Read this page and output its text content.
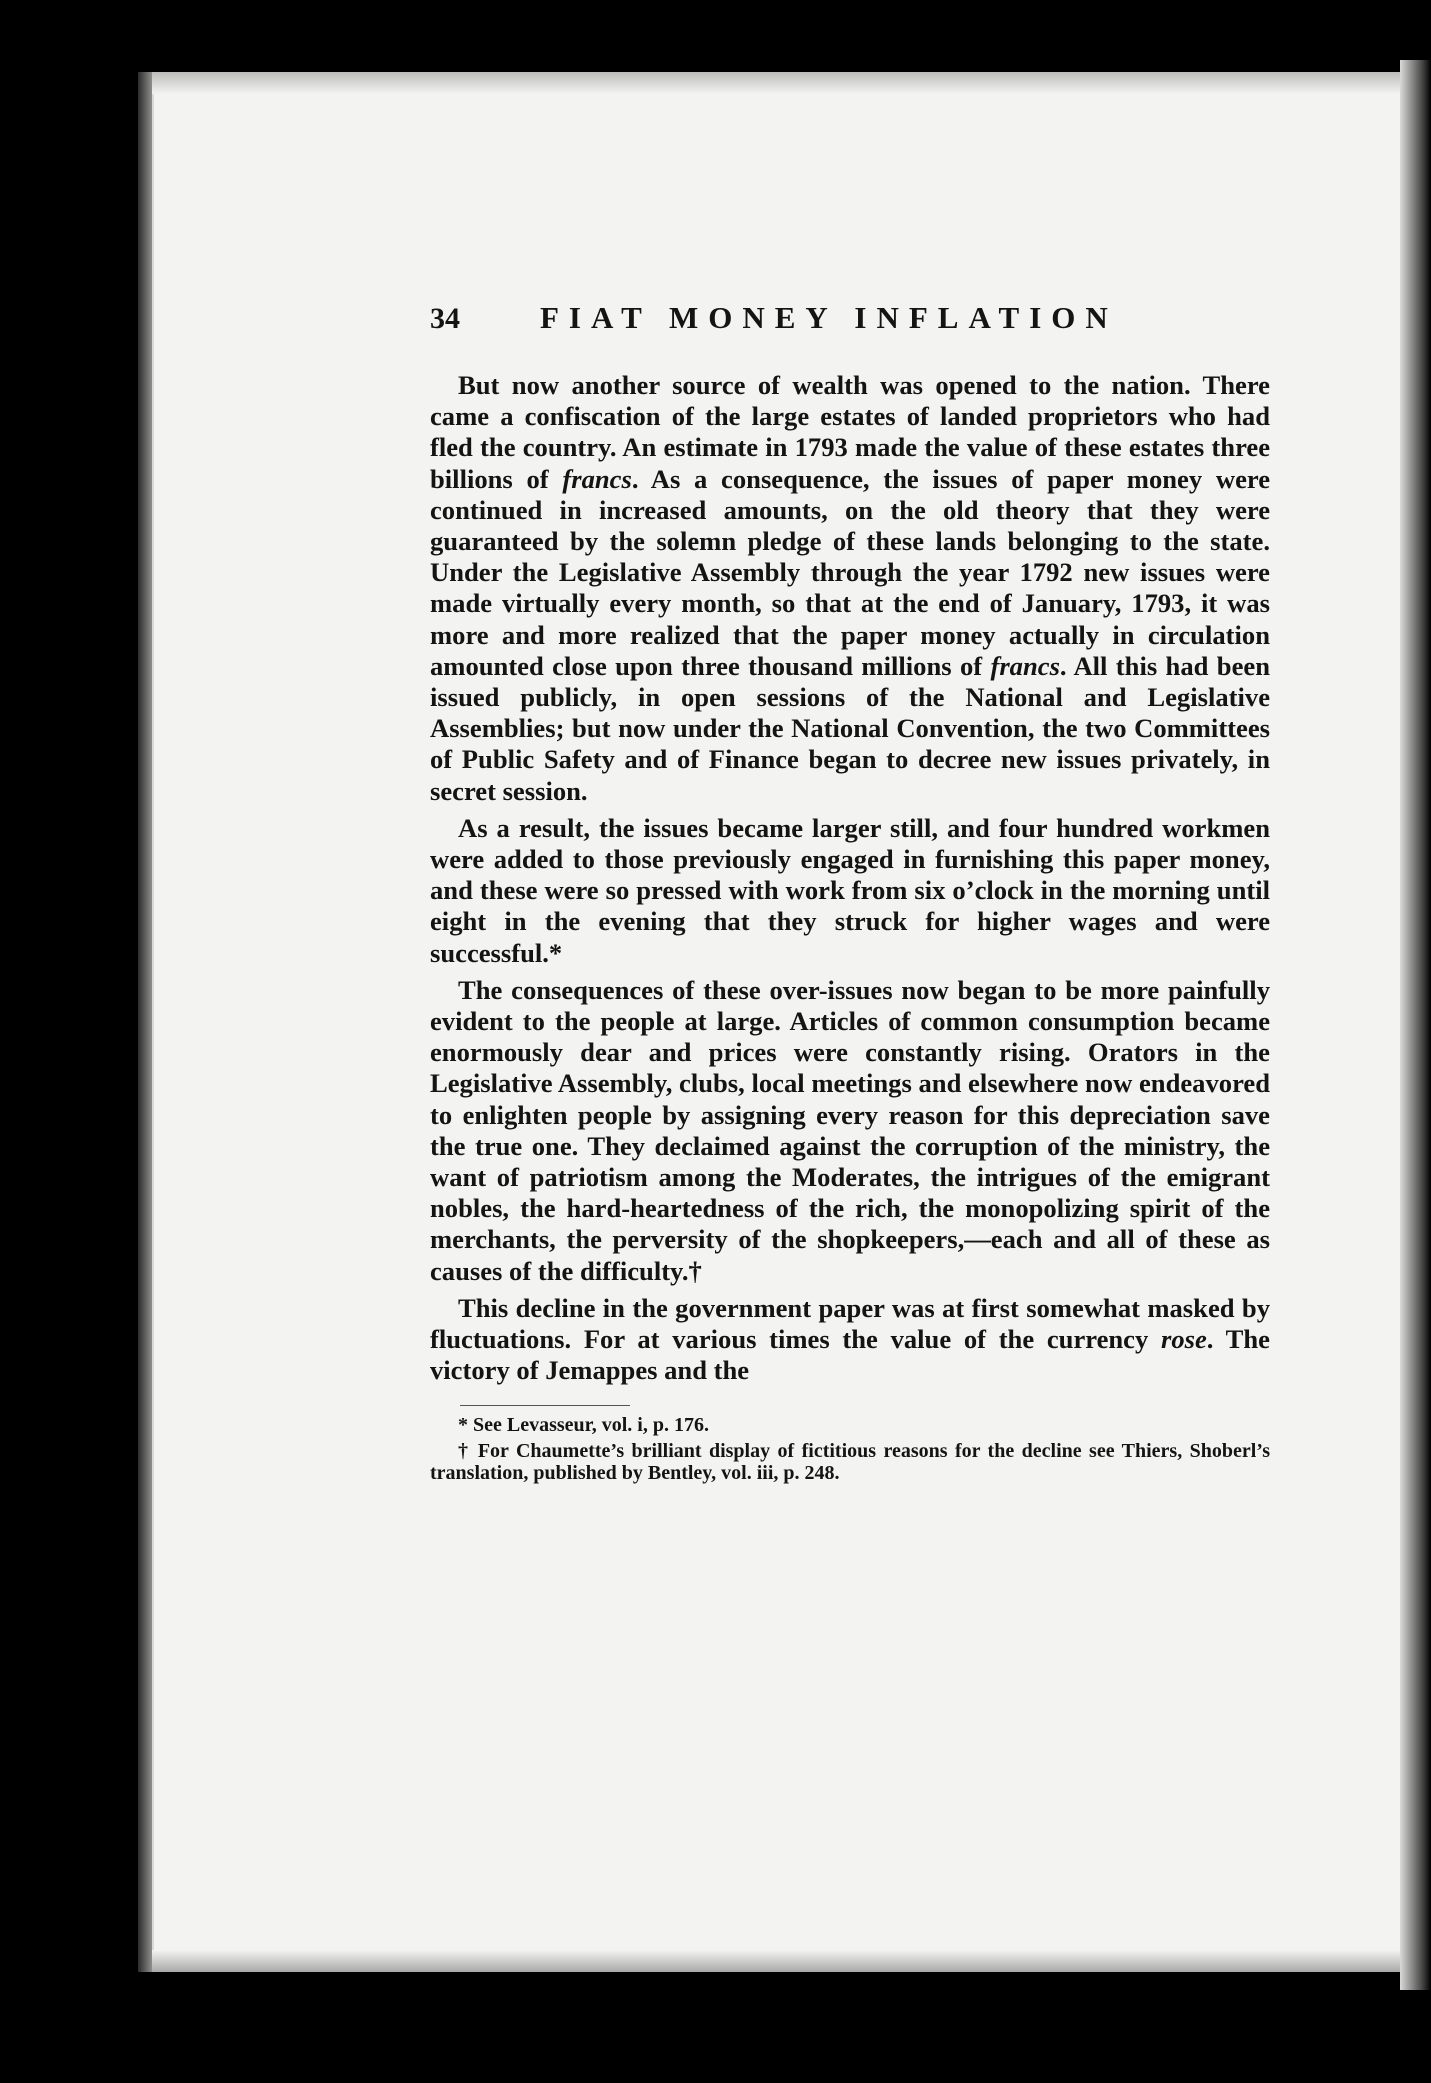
34	FIAT MONEY INFLATION

But now another source of wealth was opened to the nation. There came a confiscation of the large estates of landed proprietors who had fled the country. An estimate in 1793 made the value of these estates three billions of francs. As a consequence, the issues of paper money were continued in increased amounts, on the old theory that they were guaranteed by the solemn pledge of these lands belonging to the state. Under the Legislative Assembly through the year 1792 new issues were made virtually every month, so that at the end of January, 1793, it was more and more realized that the paper money actually in circulation amounted close upon three thousand millions of francs. All this had been issued publicly, in open sessions of the National and Legislative Assemblies; but now under the National Convention, the two Committees of Public Safety and of Finance began to decree new issues privately, in secret session.

As a result, the issues became larger still, and four hundred workmen were added to those previously engaged in furnishing this paper money, and these were so pressed with work from six o’clock in the morning until eight in the evening that they struck for higher wages and were successful.*

The consequences of these over-issues now began to be more painfully evident to the people at large. Articles of common consumption became enormously dear and prices were constantly rising. Orators in the Legislative Assembly, clubs, local meetings and elsewhere now endeavored to enlighten people by assigning every reason for this depreciation save the true one. They declaimed against the corruption of the ministry, the want of patriotism among the Moderates, the intrigues of the emigrant nobles, the hard-heartedness of the rich, the monopolizing spirit of the merchants, the perversity of the shopkeepers,—each and all of these as causes of the difficulty.†

This decline in the government paper was at first somewhat masked by fluctuations. For at various times the value of the currency rose. The victory of Jemappes and the

* See Levasseur, vol. i, p. 176.

† For Chaumette’s brilliant display of fictitious reasons for the decline see Thiers, Shoberl’s translation, published by Bentley, vol. iii, p. 248.
